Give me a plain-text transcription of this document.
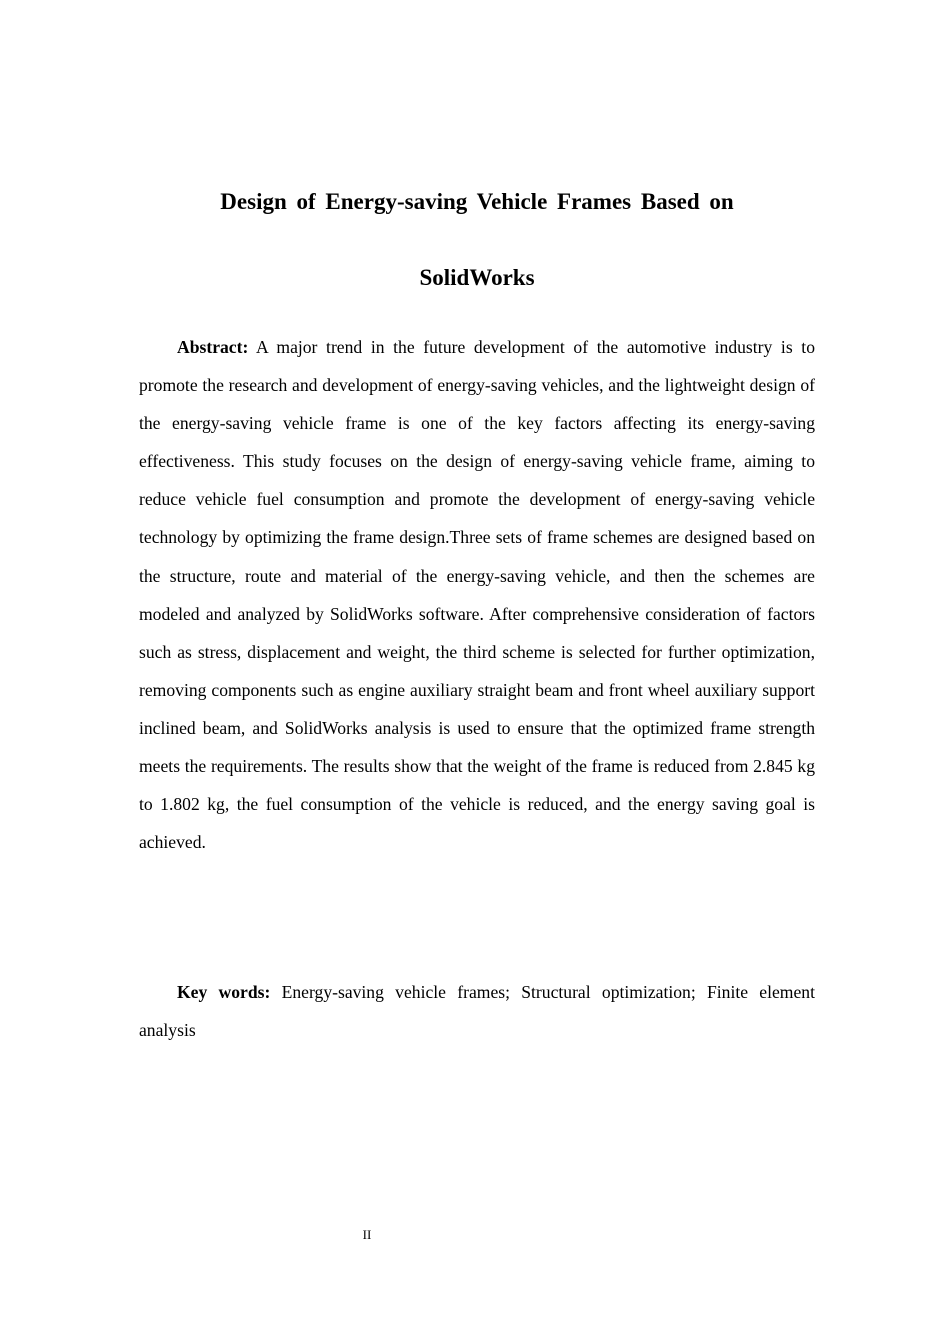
Design of Energy-saving Vehicle Frames Based on
SolidWorks

Abstract: A major trend in the future development of the automotive industry is to promote the research and development of energy-saving vehicles, and the lightweight design of the energy-saving vehicle frame is one of the key factors affecting its energy-saving effectiveness. This study focuses on the design of energy-saving vehicle frame, aiming to reduce vehicle fuel consumption and promote the development of energy-saving vehicle technology by optimizing the frame design.Three sets of frame schemes are designed based on the structure, route and material of the energy-saving vehicle, and then the schemes are modeled and analyzed by SolidWorks software. After comprehensive consideration of factors such as stress, displacement and weight, the third scheme is selected for further optimization, removing components such as engine auxiliary straight beam and front wheel auxiliary support inclined beam, and SolidWorks analysis is used to ensure that the optimized frame strength meets the requirements. The results show that the weight of the frame is reduced from 2.845 kg to 1.802 kg, the fuel consumption of the vehicle is reduced, and the energy saving goal is achieved.

Key words: Energy-saving vehicle frames; Structural optimization; Finite element analysis

II
